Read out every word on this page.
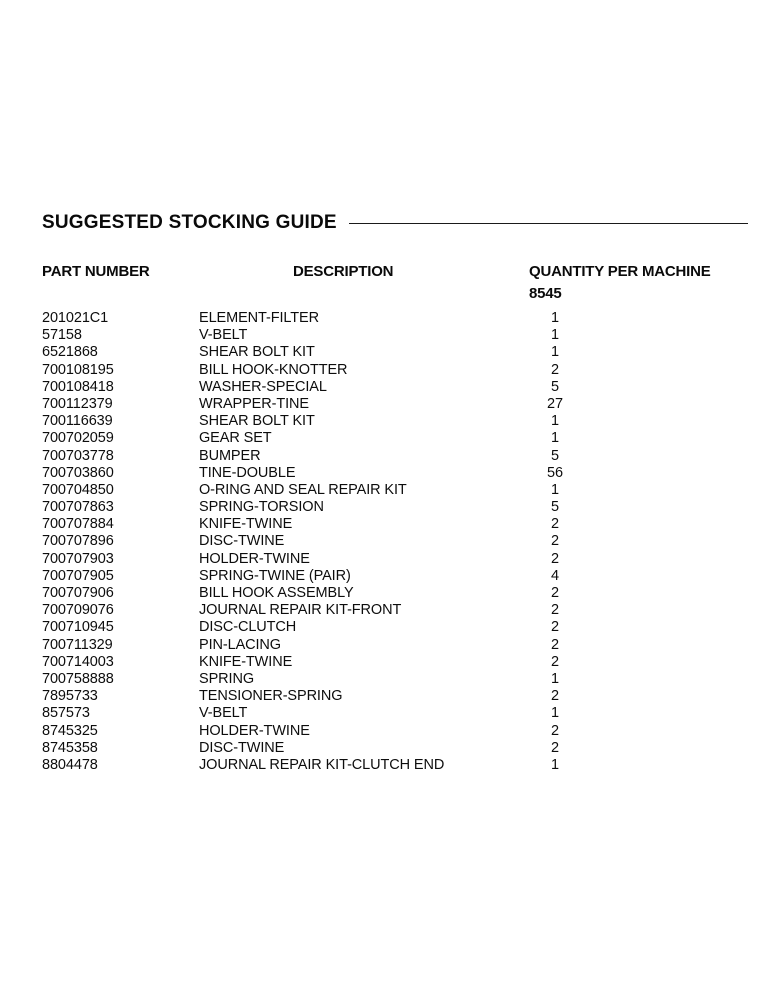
SUGGESTED STOCKING GUIDE
PART NUMBER	DESCRIPTION	QUANTITY PER MACHINE
8545
201021C1	ELEMENT-FILTER	1
57158	V-BELT	1
6521868	SHEAR BOLT KIT	1
700108195	BILL HOOK-KNOTTER	2
700108418	WASHER-SPECIAL	5
700112379	WRAPPER-TINE	27
700116639	SHEAR BOLT KIT	1
700702059	GEAR SET	1
700703778	BUMPER	5
700703860	TINE-DOUBLE	56
700704850	O-RING AND SEAL REPAIR KIT	1
700707863	SPRING-TORSION	5
700707884	KNIFE-TWINE	2
700707896	DISC-TWINE	2
700707903	HOLDER-TWINE	2
700707905	SPRING-TWINE (PAIR)	4
700707906	BILL HOOK ASSEMBLY	2
700709076	JOURNAL REPAIR KIT-FRONT	2
700710945	DISC-CLUTCH	2
700711329	PIN-LACING	2
700714003	KNIFE-TWINE	2
700758888	SPRING	1
7895733	TENSIONER-SPRING	2
857573	V-BELT	1
8745325	HOLDER-TWINE	2
8745358	DISC-TWINE	2
8804478	JOURNAL REPAIR KIT-CLUTCH END	1
